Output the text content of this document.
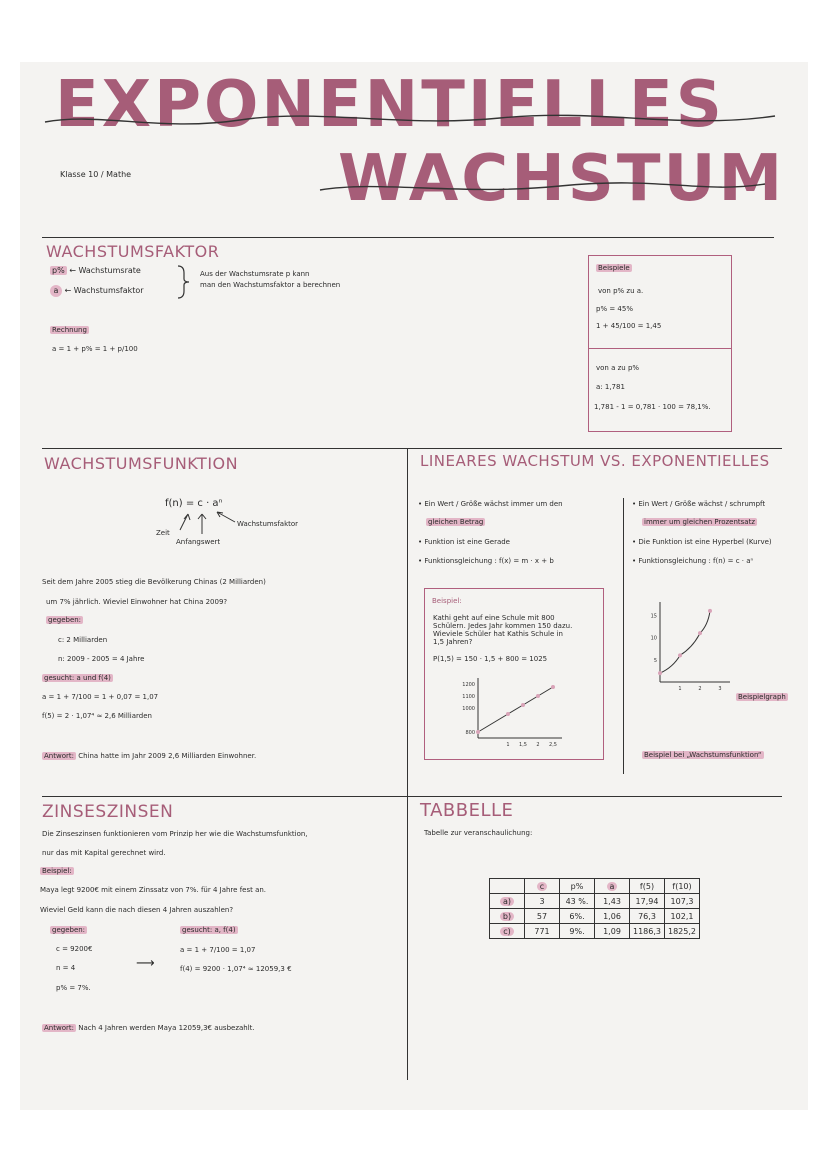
EXPONENTIELLES
WACHSTUM
Klasse 10 / Mathe
WACHSTUMSFAKTOR
p% ← Wachstumsrate
a ← Wachstumsfaktor
Aus der Wachstumsrate p kann
man den Wachstumsfaktor a berechnen
Rechnung
a = 1 + p% = 1 + p/100
Beispiele
von p% zu a.
p% = 45%
1 + 45/100 = 1,45
von a zu p%
a: 1,781
1,781 - 1 = 0,781 · 100 = 78,1%.
WACHSTUMSFUNKTION
f(n) = c · aⁿ
Zeit
Anfangswert
Wachstumsfaktor
Seit dem Jahre 2005 stieg die Bevölkerung Chinas (2 Milliarden)
um 7% jährlich. Wieviel Einwohner hat China 2009?
gegeben:
c: 2 Milliarden
n: 2009 - 2005 = 4 Jahre
gesucht: a und f(4)
a = 1 + 7/100 = 1 + 0,07 = 1,07
f(5) = 2 · 1,07⁴ ≈ 2,6 Milliarden
Antwort: China hatte im Jahr 2009 2,6 Milliarden Einwohner.
LINEARES WACHSTUM VS. EXPONENTIELLES
• Ein Wert / Größe wächst immer um den
gleichen Betrag
• Funktion ist eine Gerade
• Funktionsgleichung : f(x) = m · x + b
• Ein Wert / Größe wächst / schrumpft
immer um gleichen Prozentsatz
• Die Funktion ist eine Hyperbel (Kurve)
• Funktionsgleichung : f(n) = c · aⁿ
Beispiel:
Kathi geht auf eine Schule mit 800
Schülern. Jedes Jahr kommen 150 dazu.
Wieviele Schüler hat Kathis Schule in
1,5 Jahren?
P(1,5) = 150 · 1,5 + 800 = 1025
1 1,5 2 2,5
800
1000
1100
1200
1	2	3
5
10
15
Beispielgraph
Beispiel bei „Wachstumsfunktion“
ZINSESZINSEN
Die Zinseszinsen funktionieren vom Prinzip her wie die Wachstumsfunktion,
nur das mit Kapital gerechnet wird.
Beispiel:
Maya legt 9200€ mit einem Zinssatz von 7%. für 4 Jahre fest an.
Wieviel Geld kann die nach diesen 4 Jahren auszahlen?
gegeben:
c = 9200€
n = 4
p% = 7%.
⟶
gesucht: a, f(4)
a = 1 + 7/100 = 1,07
f(4) = 9200 · 1,07⁴ ≈ 12059,3 €
Antwort: Nach 4 Jahren werden Maya 12059,3€ ausbezahlt.
TABBELLE
Tabelle zur veranschaulichung:
	c	p%	a	f(5)	f(10)
a)	3	43 %.	1,43	17,94	107,3
b)	57	6%.	1,06	76,3	102,1
c)	771	9%.	1,09	1186,3	1825,2
